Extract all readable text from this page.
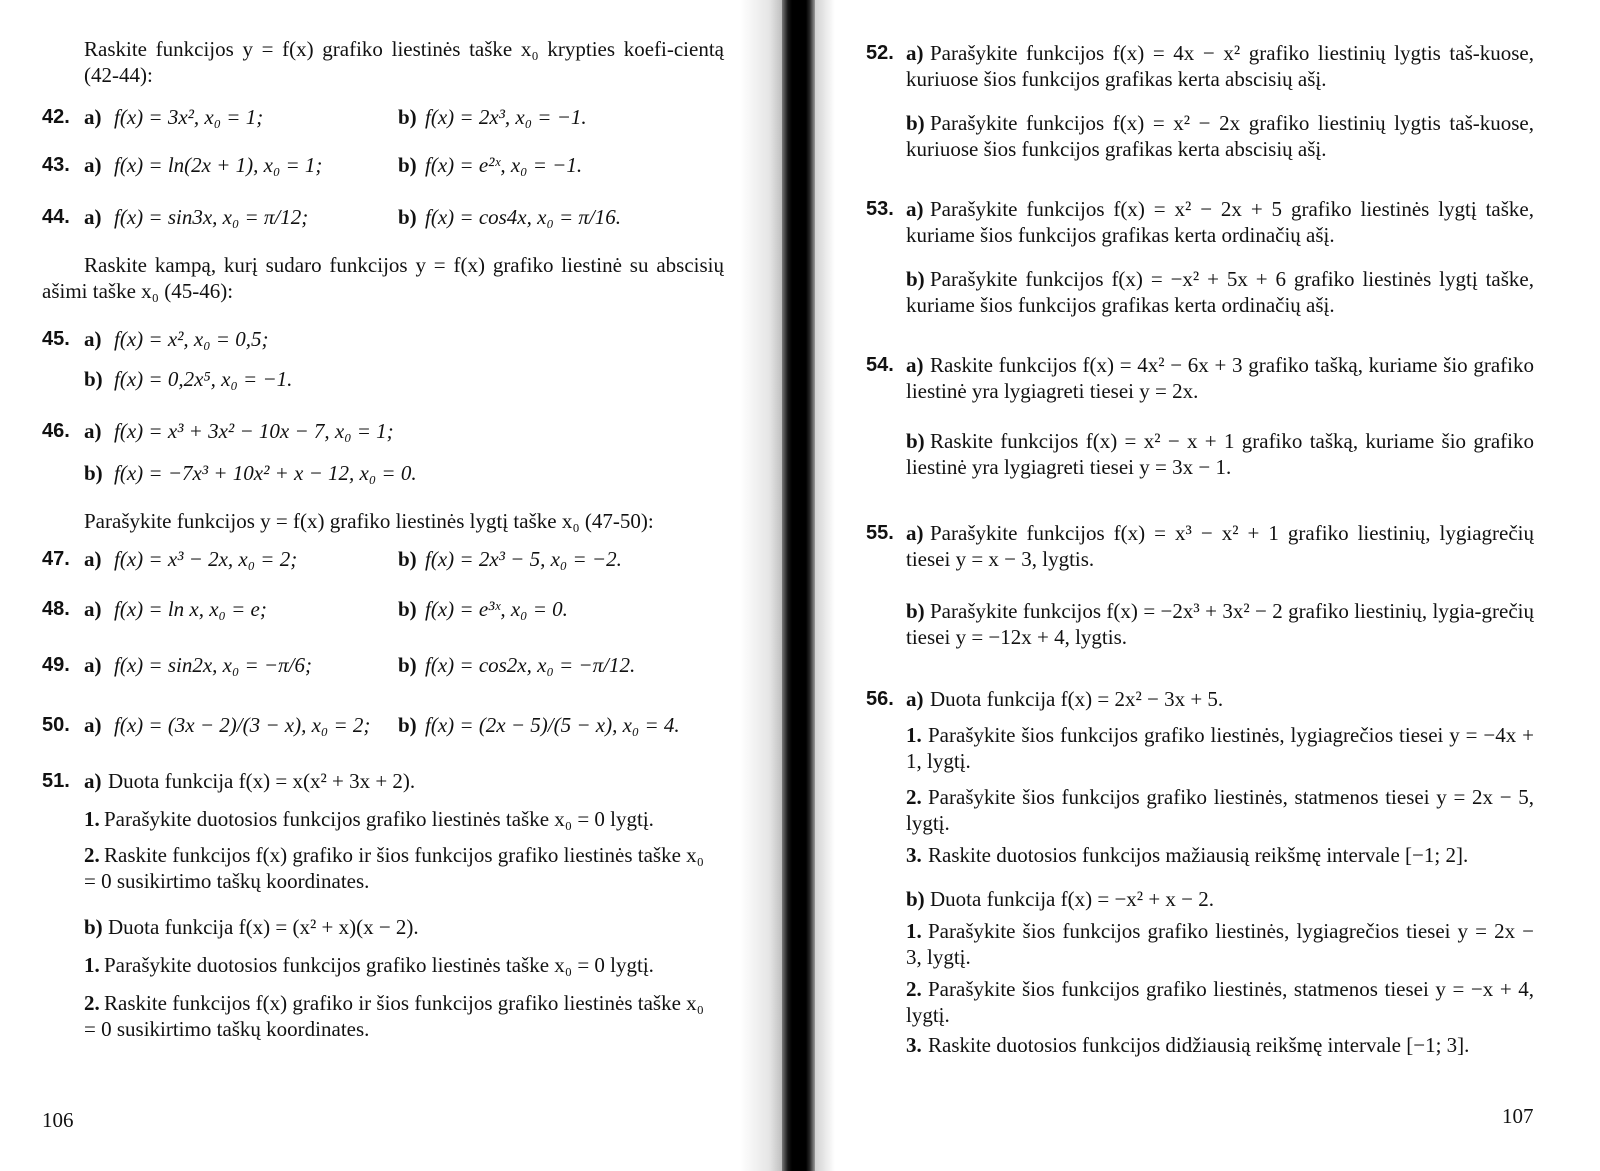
Raskite funkcijos y = f(x) grafiko liestinės taške x₀ krypties koefi-cientą (42-44):
42. a) f(x) = 3x², x₀ = 1;	b) f(x) = 2x³, x₀ = −1.
43. a) f(x) = ln(2x + 1), x₀ = 1;	b) f(x) = e²ˣ, x₀ = −1.
44. a) f(x) = sin3x, x₀ = π/12;	b) f(x) = cos4x, x₀ = π/16.
Raskite kampą, kurį sudaro funkcijos y = f(x) grafiko liestinė su abscisių ašimi taške x₀ (45-46):
45. a) f(x) = x², x₀ = 0,5;
b) f(x) = 0,2x⁵, x₀ = −1.
46. a) f(x) = x³ + 3x² − 10x − 7, x₀ = 1;
b) f(x) = −7x³ + 10x² + x − 12, x₀ = 0.
Parašykite funkcijos y = f(x) grafiko liestinės lygtį taške x₀ (47-50):
47. a) f(x) = x³ − 2x, x₀ = 2;	b) f(x) = 2x³ − 5, x₀ = −2.
48. a) f(x) = ln x, x₀ = e;	b) f(x) = e³ˣ, x₀ = 0.
49. a) f(x) = sin2x, x₀ = −π/6;	b) f(x) = cos2x, x₀ = −π/12.
50. a) f(x) = (3x − 2)/(3 − x), x₀ = 2; b) f(x) = (2x − 5)/(5 − x), x₀ = 4.
51. a) Duota funkcija f(x) = x(x² + 3x + 2).
1. Parašykite duotosios funkcijos grafiko liestinės taške x₀ = 0 lygtį.
2. Raskite funkcijos f(x) grafiko ir šios funkcijos grafiko liestinės taške x₀ = 0 susikirtimo taškų koordinates.
b) Duota funkcija f(x) = (x² + x)(x − 2).
1. Parašykite duotosios funkcijos grafiko liestinės taške x₀ = 0 lygtį.
2. Raskite funkcijos f(x) grafiko ir šios funkcijos grafiko liestinės taške x₀ = 0 susikirtimo taškų koordinates.
106
52. a) Parašykite funkcijos f(x) = 4x − x² grafiko liestinių lygtis taš-kuose, kuriuose šios funkcijos grafikas kerta abscisių ašį.
b) Parašykite funkcijos f(x) = x² − 2x grafiko liestinių lygtis taš-kuose, kuriuose šios funkcijos grafikas kerta abscisių ašį.
53. a) Parašykite funkcijos f(x) = x² − 2x + 5 grafiko liestinės lygtį taške, kuriame šios funkcijos grafikas kerta ordinačių ašį.
b) Parašykite funkcijos f(x) = −x² + 5x + 6 grafiko liestinės lygtį taške, kuriame šios funkcijos grafikas kerta ordinačių ašį.
54. a) Raskite funkcijos f(x) = 4x² − 6x + 3 grafiko tašką, kuriame šio grafiko liestinė yra lygiagreti tiesei y = 2x.
b) Raskite funkcijos f(x) = x² − x + 1 grafiko tašką, kuriame šio grafiko liestinė yra lygiagreti tiesei y = 3x − 1.
55. a) Parašykite funkcijos f(x) = x³ − x² + 1 grafiko liestinių, lygiagrečių tiesei y = x − 3, lygtis.
b) Parašykite funkcijos f(x) = −2x³ + 3x² − 2 grafiko liestinių, lygia-grečių tiesei y = −12x + 4, lygtis.
56. a) Duota funkcija f(x) = 2x² − 3x + 5.
1. Parašykite šios funkcijos grafiko liestinės, lygiagrečios tiesei y = −4x + 1, lygtį.
2. Parašykite šios funkcijos grafiko liestinės, statmenos tiesei y = 2x − 5, lygtį.
3. Raskite duotosios funkcijos mažiausią reikšmę intervale [−1; 2].
b) Duota funkcija f(x) = −x² + x − 2.
1. Parašykite šios funkcijos grafiko liestinės, lygiagrečios tiesei y = 2x − 3, lygtį.
2. Parašykite šios funkcijos grafiko liestinės, statmenos tiesei y = −x + 4, lygtį.
3. Raskite duotosios funkcijos didžiausią reikšmę intervale [−1; 3].
107
